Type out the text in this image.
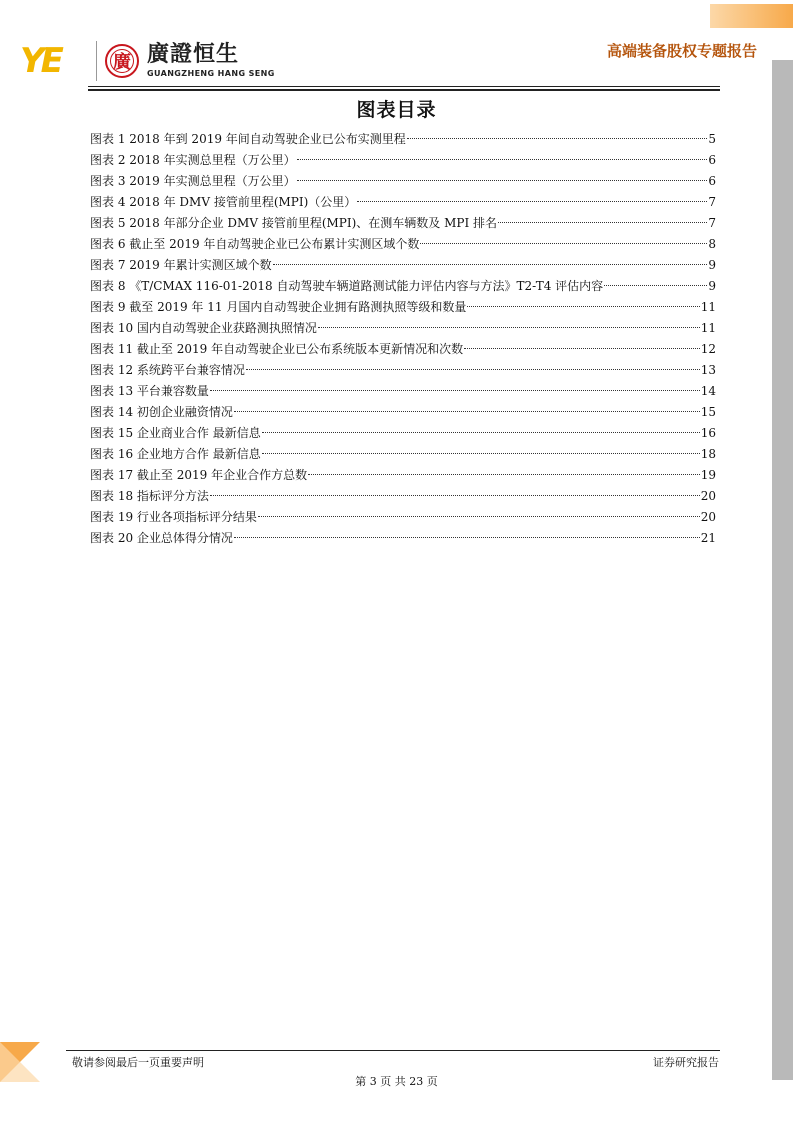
YE	廣 廣證恒生
GUANGZHENG HANG SENG
高端装备股权专题报告
图表目录
图表 1 2018 年到 2019 年间自动驾驶企业已公布实测里程	5
图表 2 2018 年实测总里程（万公里）	6
图表 3 2019 年实测总里程（万公里）	6
图表 4 2018 年 DMV 接管前里程(MPI)（公里）	7
图表 5 2018 年部分企业 DMV 接管前里程(MPI)、在测车辆数及 MPI 排名	7
图表 6 截止至 2019 年自动驾驶企业已公布累计实测区域个数	8
图表 7 2019 年累计实测区域个数	9
图表 8 《T/CMAX 116-01-2018 自动驾驶车辆道路测试能力评估内容与方法》T2-T4 评估内容	9
图表 9 截至 2019 年 11 月国内自动驾驶企业拥有路测执照等级和数量	11
图表 10 国内自动驾驶企业获路测执照情况	11
图表 11 截止至 2019 年自动驾驶企业已公布系统版本更新情况和次数	12
图表 12 系统跨平台兼容情况	13
图表 13 平台兼容数量	14
图表 14 初创企业融资情况	15
图表 15 企业商业合作 最新信息	16
图表 16 企业地方合作 最新信息	18
图表 17 截止至 2019 年企业合作方总数	19
图表 18 指标评分方法	20
图表 19 行业各项指标评分结果	20
图表 20 企业总体得分情况	21
敬请参阅最后一页重要声明	证券研究报告
第 3 页 共 23 页
